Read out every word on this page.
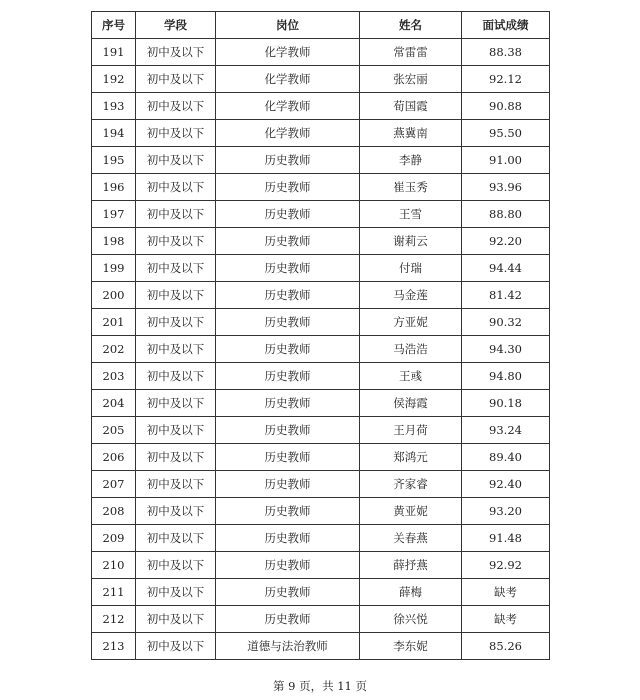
序号	学段	岗位	姓名	面试成绩
191	初中及以下	化学教师	常雷雷	88.38
192	初中及以下	化学教师	张宏丽	92.12
193	初中及以下	化学教师	荀国霞	90.88
194	初中及以下	化学教师	燕冀南	95.50
195	初中及以下	历史教师	李静	91.00
196	初中及以下	历史教师	崔玉秀	93.96
197	初中及以下	历史教师	王雪	88.80
198	初中及以下	历史教师	谢莉云	92.20
199	初中及以下	历史教师	付瑞	94.44
200	初中及以下	历史教师	马金莲	81.42
201	初中及以下	历史教师	方亚妮	90.32
202	初中及以下	历史教师	马浩浩	94.30
203	初中及以下	历史教师	王彧	94.80
204	初中及以下	历史教师	侯海霞	90.18
205	初中及以下	历史教师	王月荷	93.24
206	初中及以下	历史教师	郑鸿元	89.40
207	初中及以下	历史教师	齐家睿	92.40
208	初中及以下	历史教师	黄亚妮	93.20
209	初中及以下	历史教师	关春燕	91.48
210	初中及以下	历史教师	薛抒燕	92.92
211	初中及以下	历史教师	薛梅	缺考
212	初中及以下	历史教师	徐兴悦	缺考
213	初中及以下	道德与法治教师	李东妮	85.26
第 9 页，共 11 页
